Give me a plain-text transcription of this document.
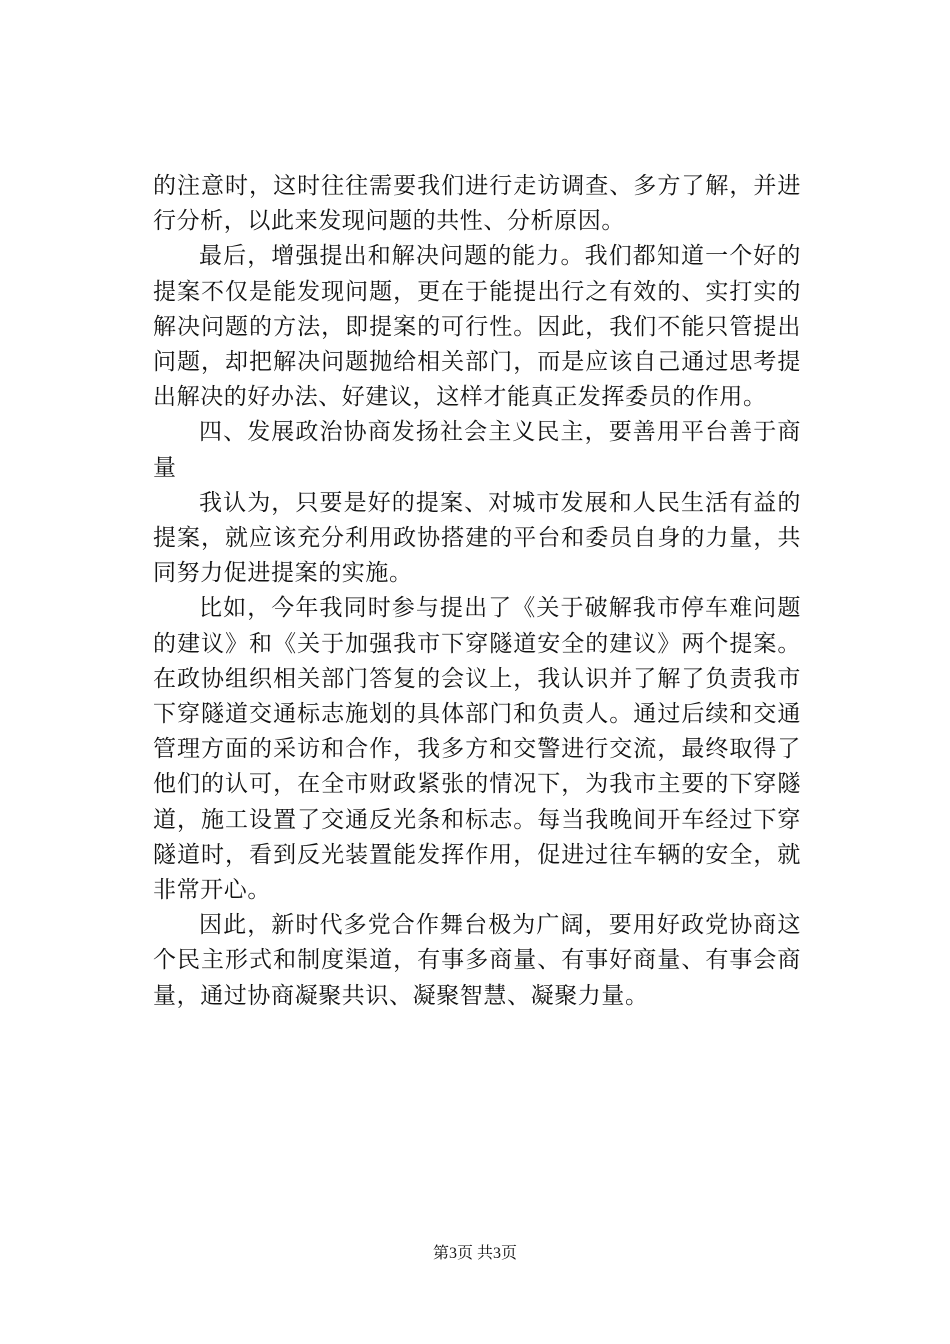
的注意时，这时往往需要我们进行走访调查、多方了解，并进行分析，以此来发现问题的共性、分析原因。

最后，增强提出和解决问题的能力。我们都知道一个好的提案不仅是能发现问题，更在于能提出行之有效的、实打实的解决问题的方法，即提案的可行性。因此，我们不能只管提出问题，却把解决问题抛给相关部门，而是应该自己通过思考提出解决的好办法、好建议，这样才能真正发挥委员的作用。

四、发展政治协商发扬社会主义民主，要善用平台善于商量

我认为，只要是好的提案、对城市发展和人民生活有益的提案，就应该充分利用政协搭建的平台和委员自身的力量，共同努力促进提案的实施。

比如，今年我同时参与提出了《关于破解我市停车难问题的建议》和《关于加强我市下穿隧道安全的建议》两个提案。在政协组织相关部门答复的会议上，我认识并了解了负责我市下穿隧道交通标志施划的具体部门和负责人。通过后续和交通管理方面的采访和合作，我多方和交警进行交流，最终取得了他们的认可，在全市财政紧张的情况下，为我市主要的下穿隧道，施工设置了交通反光条和标志。每当我晚间开车经过下穿隧道时，看到反光装置能发挥作用，促进过往车辆的安全，就非常开心。

因此，新时代多党合作舞台极为广阔，要用好政党协商这个民主形式和制度渠道，有事多商量、有事好商量、有事会商量，通过协商凝聚共识、凝聚智慧、凝聚力量。

第3页 共3页
